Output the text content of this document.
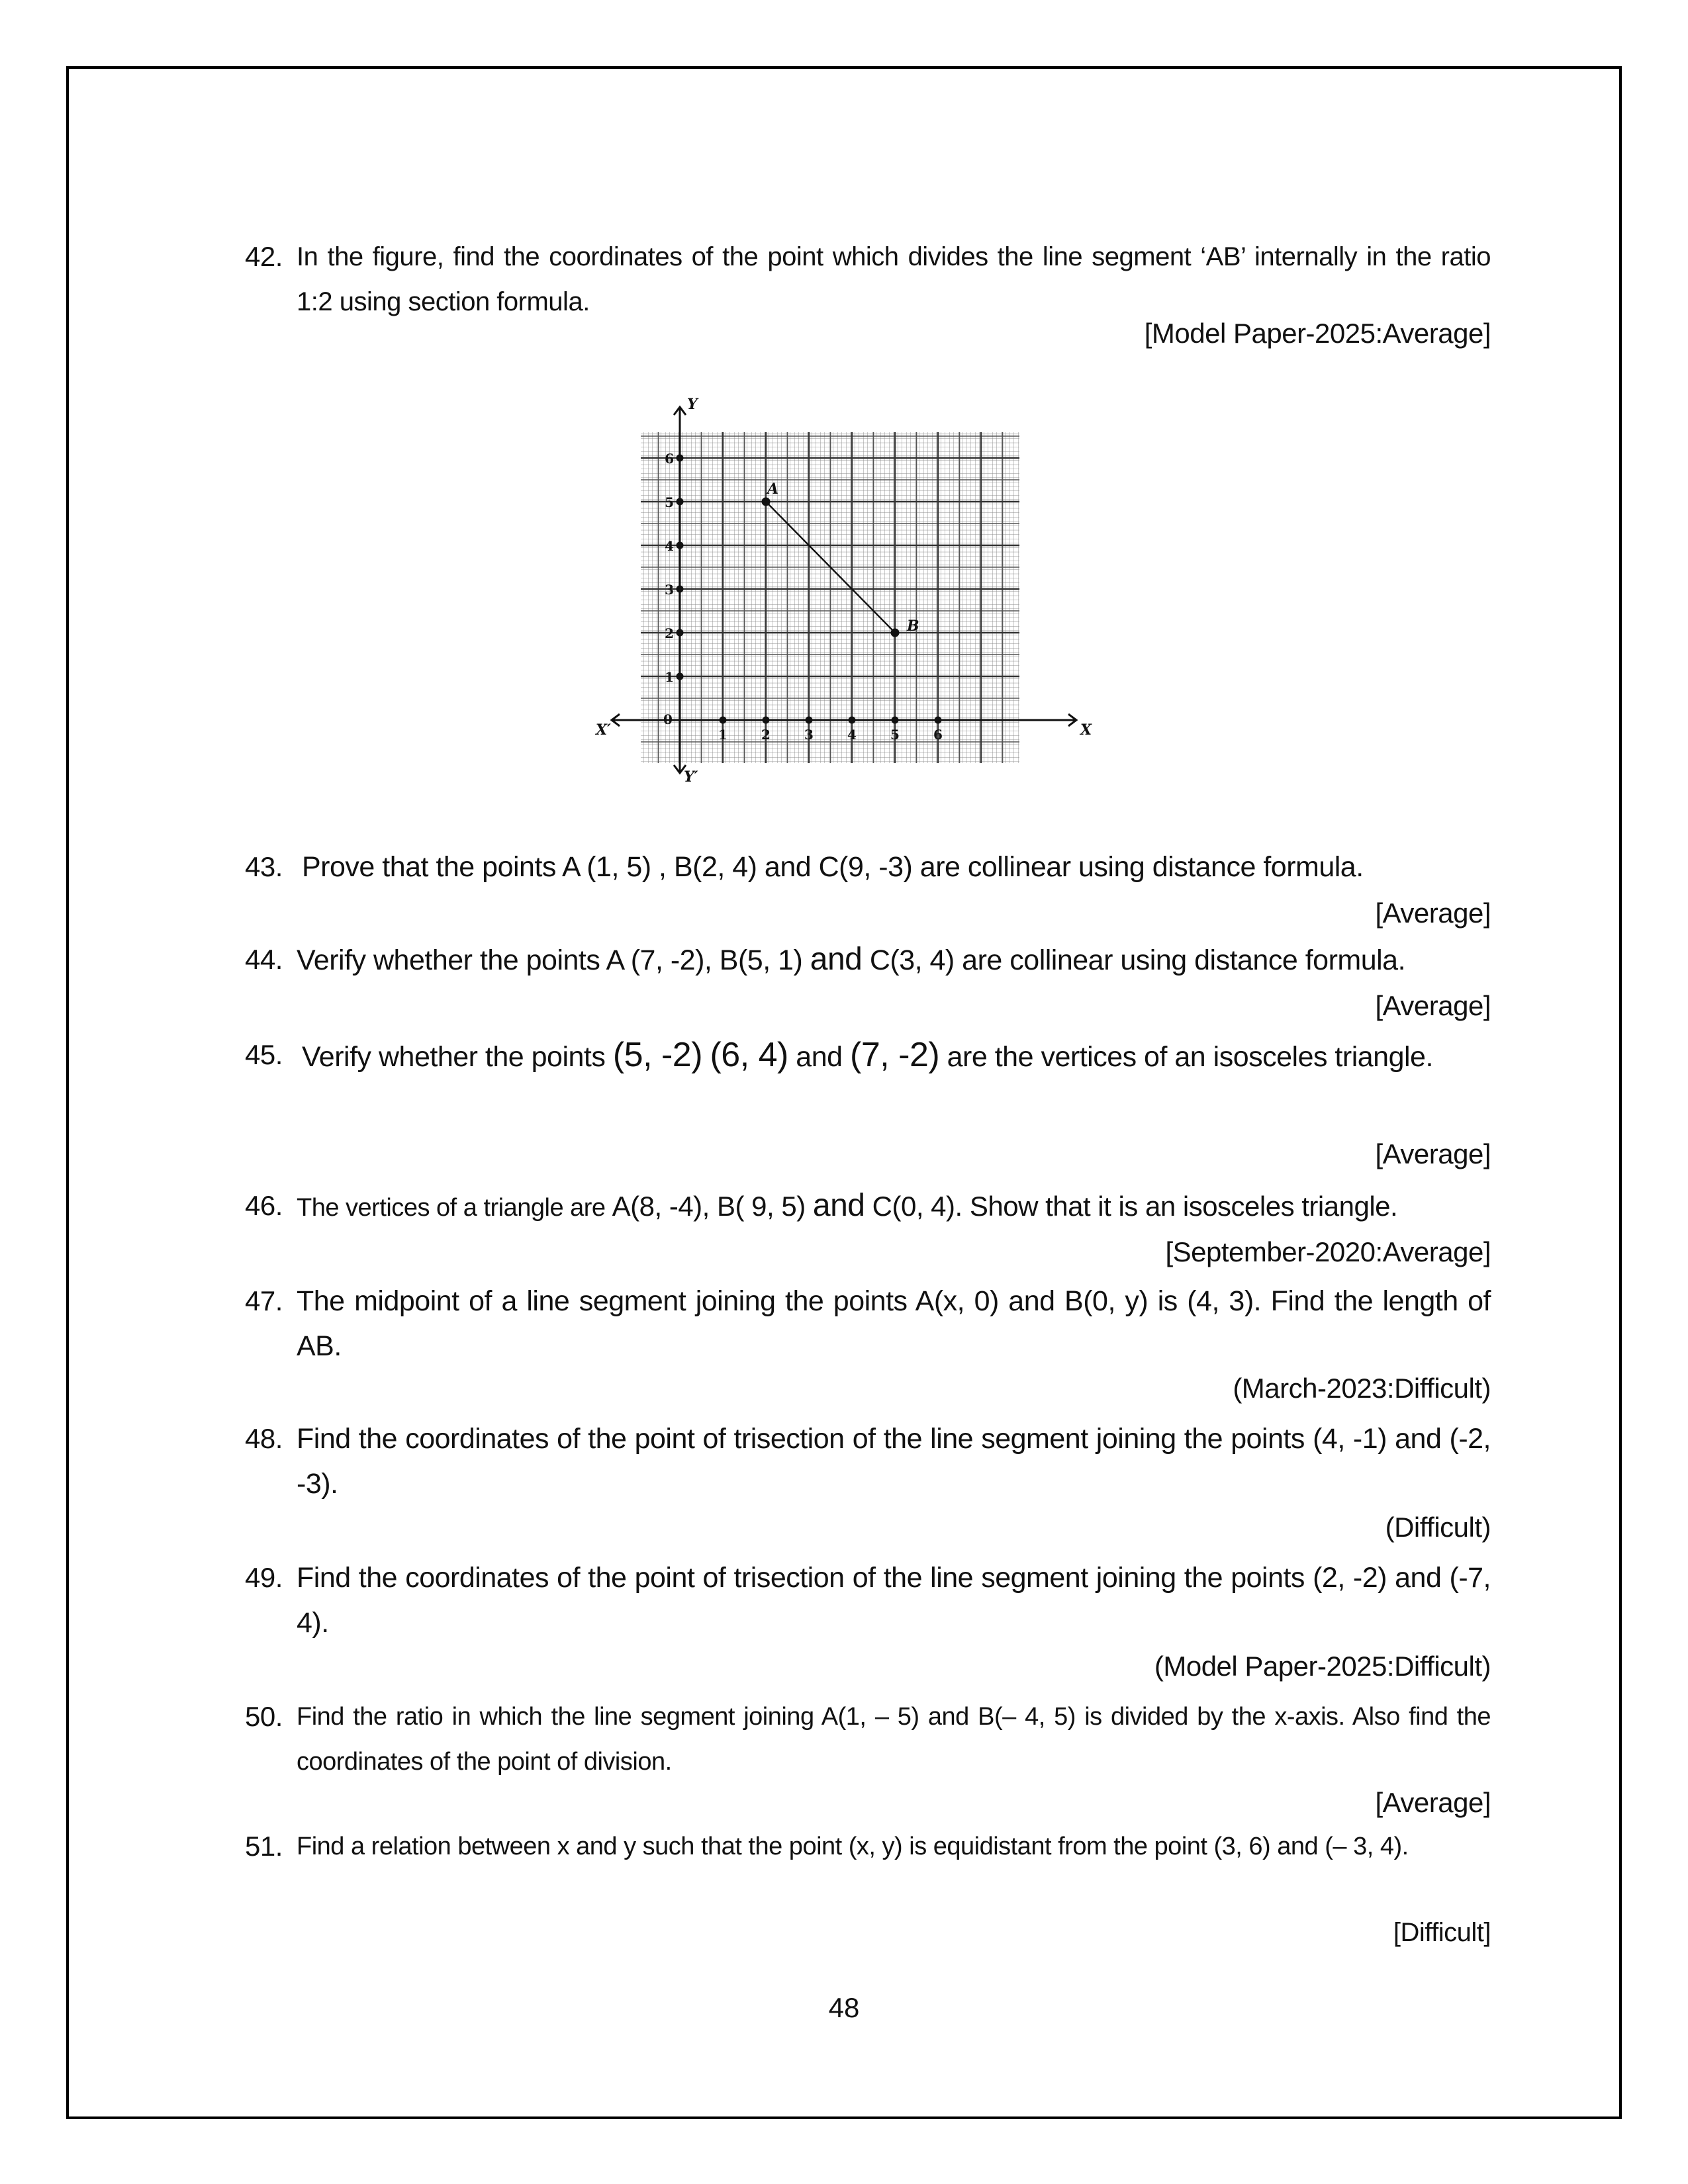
42. In the figure, find the coordinates of the point which divides the line segment ‘AB’ internally in the ratio 1:2 using section formula.
[Model Paper-2025:Average]
A
B
Y
Y′
X
X′
0
1	2	3	4	5	6
1
2
3
4
5
6
43. Prove that the points A (1, 5) , B(2, 4) and C(9, -3) are collinear using distance formula.
[Average]
44. Verify whether the points A (7, -2), B(5, 1) and C(3, 4) are collinear using distance formula.
[Average]
45. Verify whether the points (5, -2) (6, 4) and (7, -2) are the vertices of an isosceles triangle.
[Average]
46. The vertices of a triangle are A(8, -4), B( 9, 5) and C(0, 4). Show that it is an isosceles triangle.
[September-2020:Average]
47. The midpoint of a line segment joining the points A(x, 0) and B(0, y) is (4, 3). Find the length of AB.
(March-2023:Difficult)
48. Find the coordinates of the point of trisection of the line segment joining the points (4, -1) and (-2, -3).
(Difficult)
49. Find the coordinates of the point of trisection of the line segment joining the points (2, -2) and (-7, 4).
(Model Paper-2025:Difficult)
50. Find the ratio in which the line segment joining A(1, – 5) and B(– 4, 5) is divided by the x-axis. Also find the coordinates of the point of division.
[Average]
51. Find a relation between x and y such that the point (x, y) is equidistant from the point (3, 6) and (– 3, 4).
[Difficult]
48
